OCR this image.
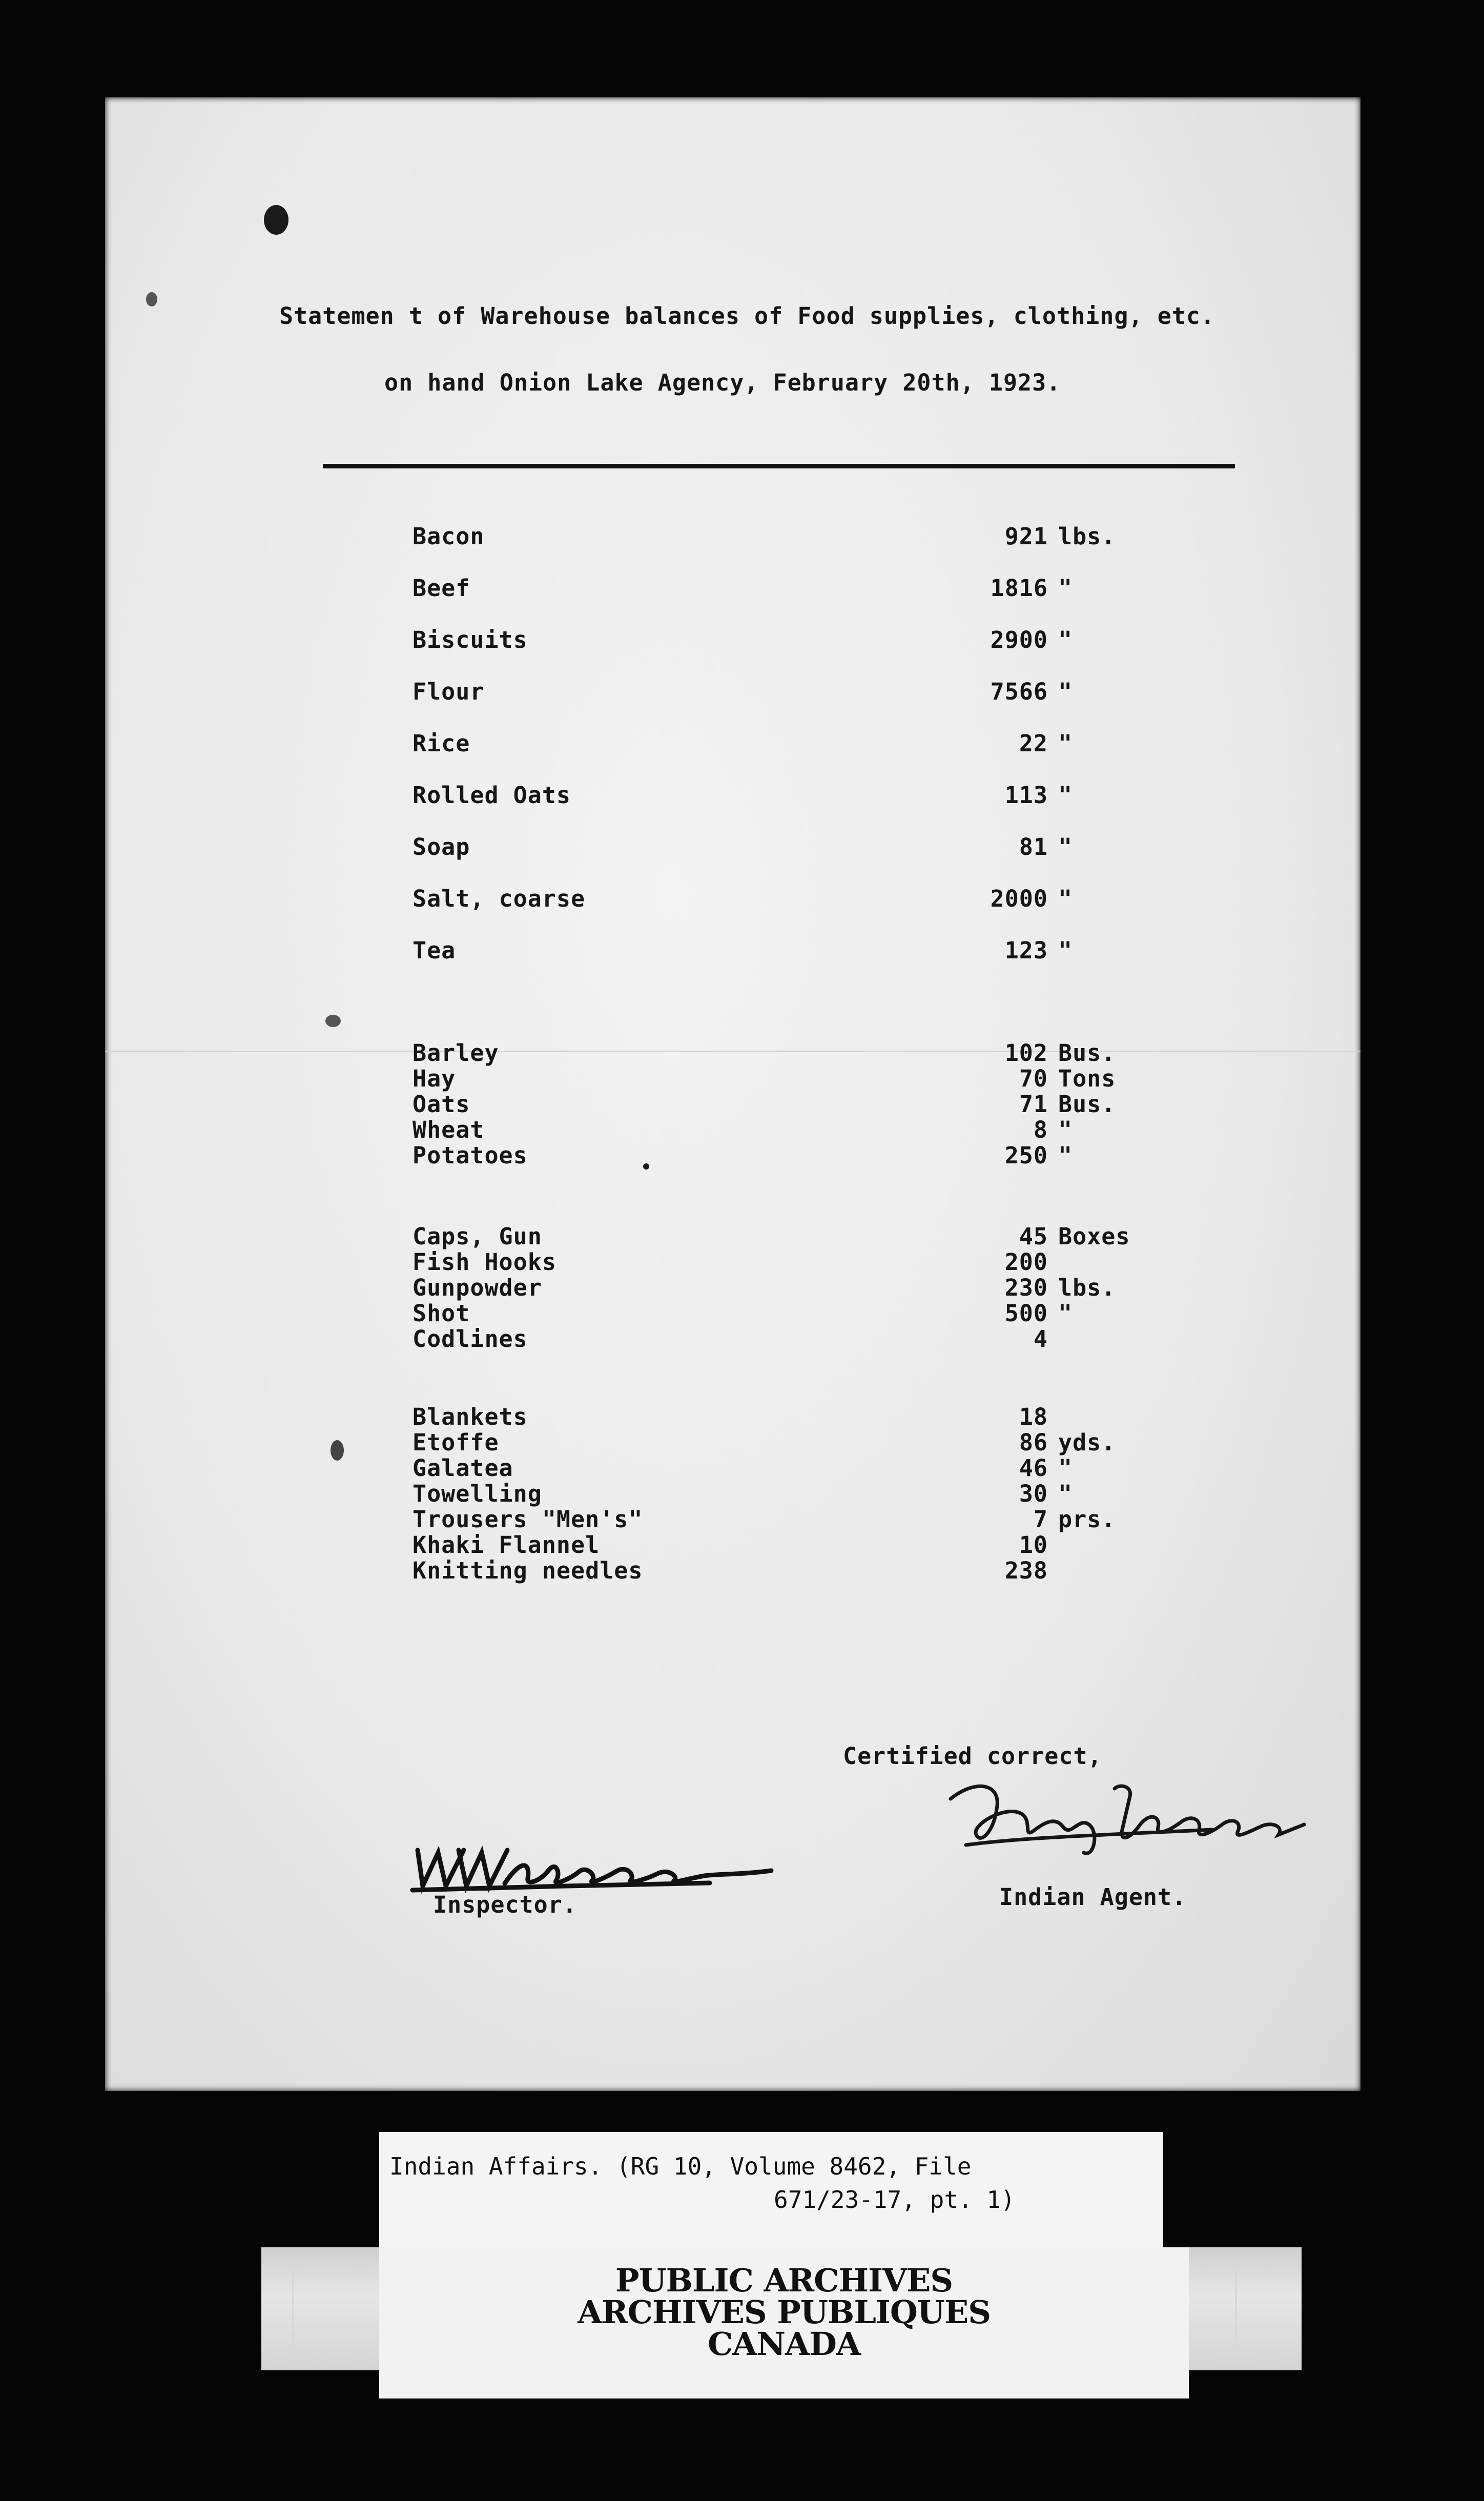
Statemen t of Warehouse balances of Food supplies, clothing, etc.
on hand Onion Lake Agency, February 20th, 1923.
Bacon	921 lbs.
Beef	1816 "
Biscuits	2900 "
Flour	7566 "
Rice	22 "
Rolled Oats	113 "
Soap	81 "
Salt, coarse	2000 "
Tea	123 "
Barley	102 Bus.
Hay	70 Tons
Oats	71 Bus.
Wheat	8 "
Potatoes	250 "
Caps, Gun	45 Boxes
Fish Hooks	200
Gunpowder	230 lbs.
Shot	500 "
Codlines	4
Blankets	18
Etoffe	86 yds.
Galatea	46 "
Towelling	30 "
Trousers "Men's"	7 prs.
Khaki Flannel	10
Knitting needles	238
Certified correct,
Indian Agent.
Inspector.
Indian Affairs. (RG 10, Volume 8462, File
671/23-17, pt. 1)
PUBLIC ARCHIVES
ARCHIVES PUBLIQUES
CANADA
